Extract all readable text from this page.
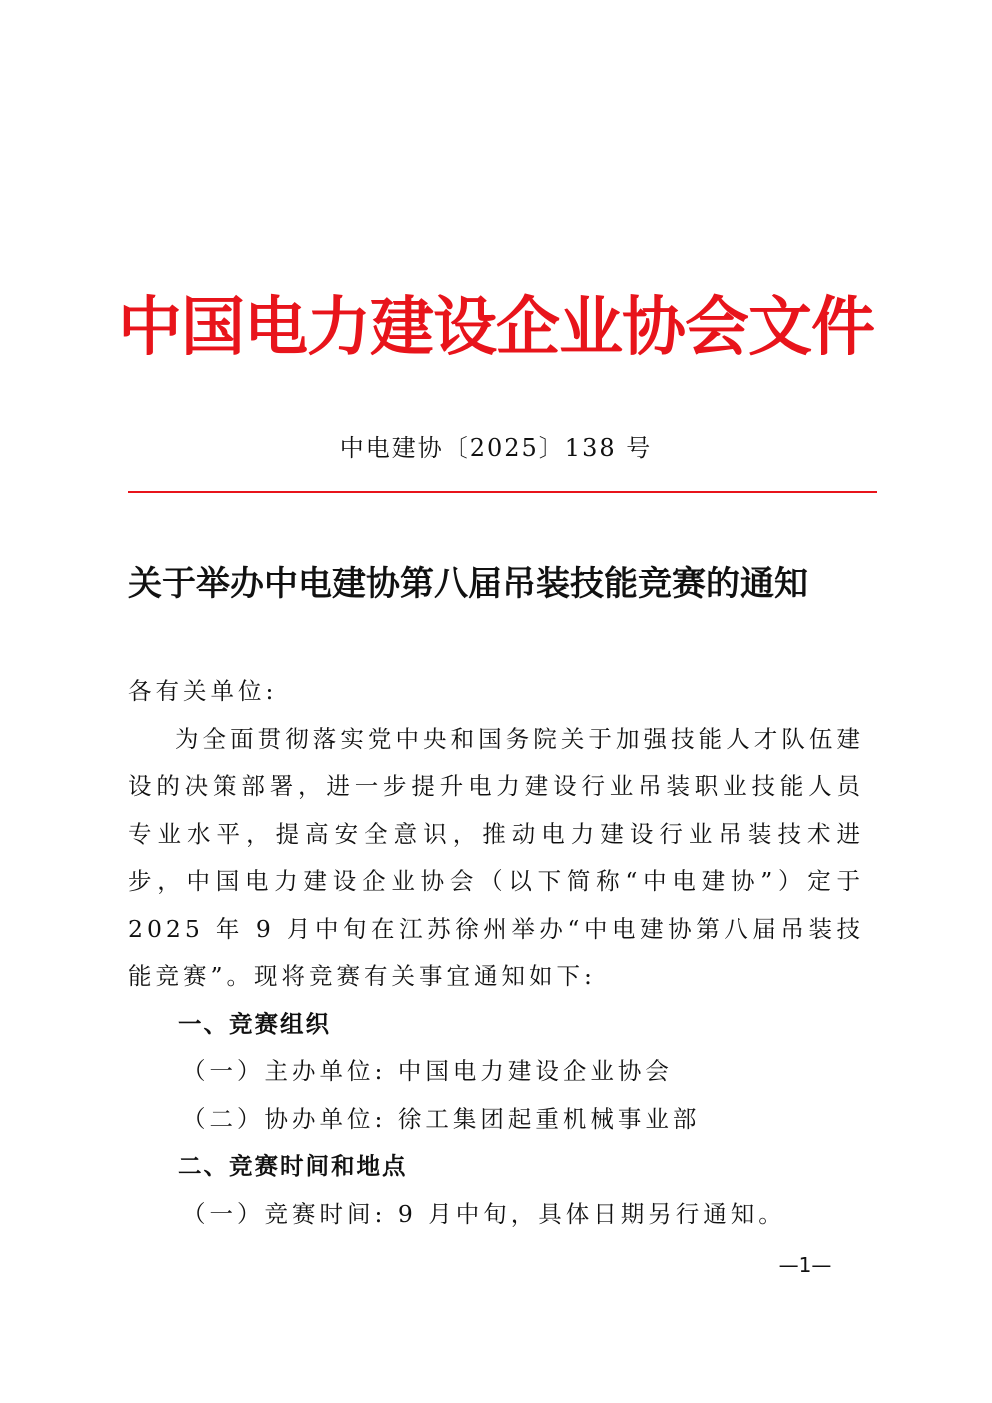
中国电力建设企业协会文件
中电建协〔2025〕138 号
关于举办中电建协第八届吊装技能竞赛的通知

各有关单位:

为全面贯彻落实党中央和国务院关于加强技能人才队伍建设的决策部署，进一步提升电力建设行业吊装职业技能人员专业水平，提高安全意识，推动电力建设行业吊装技术进步，中国电力建设企业协会（以下简称“中电建协”）定于 2025 年 9 月中旬在江苏徐州举办“中电建协第八届吊装技能竞赛”。现将竞赛有关事宜通知如下:

一、竞赛组织

（一）主办单位: 中国电力建设企业协会

（二）协办单位: 徐工集团起重机械事业部

二、竞赛时间和地点

（一）竞赛时间: 9 月中旬，具体日期另行通知。

—1—
